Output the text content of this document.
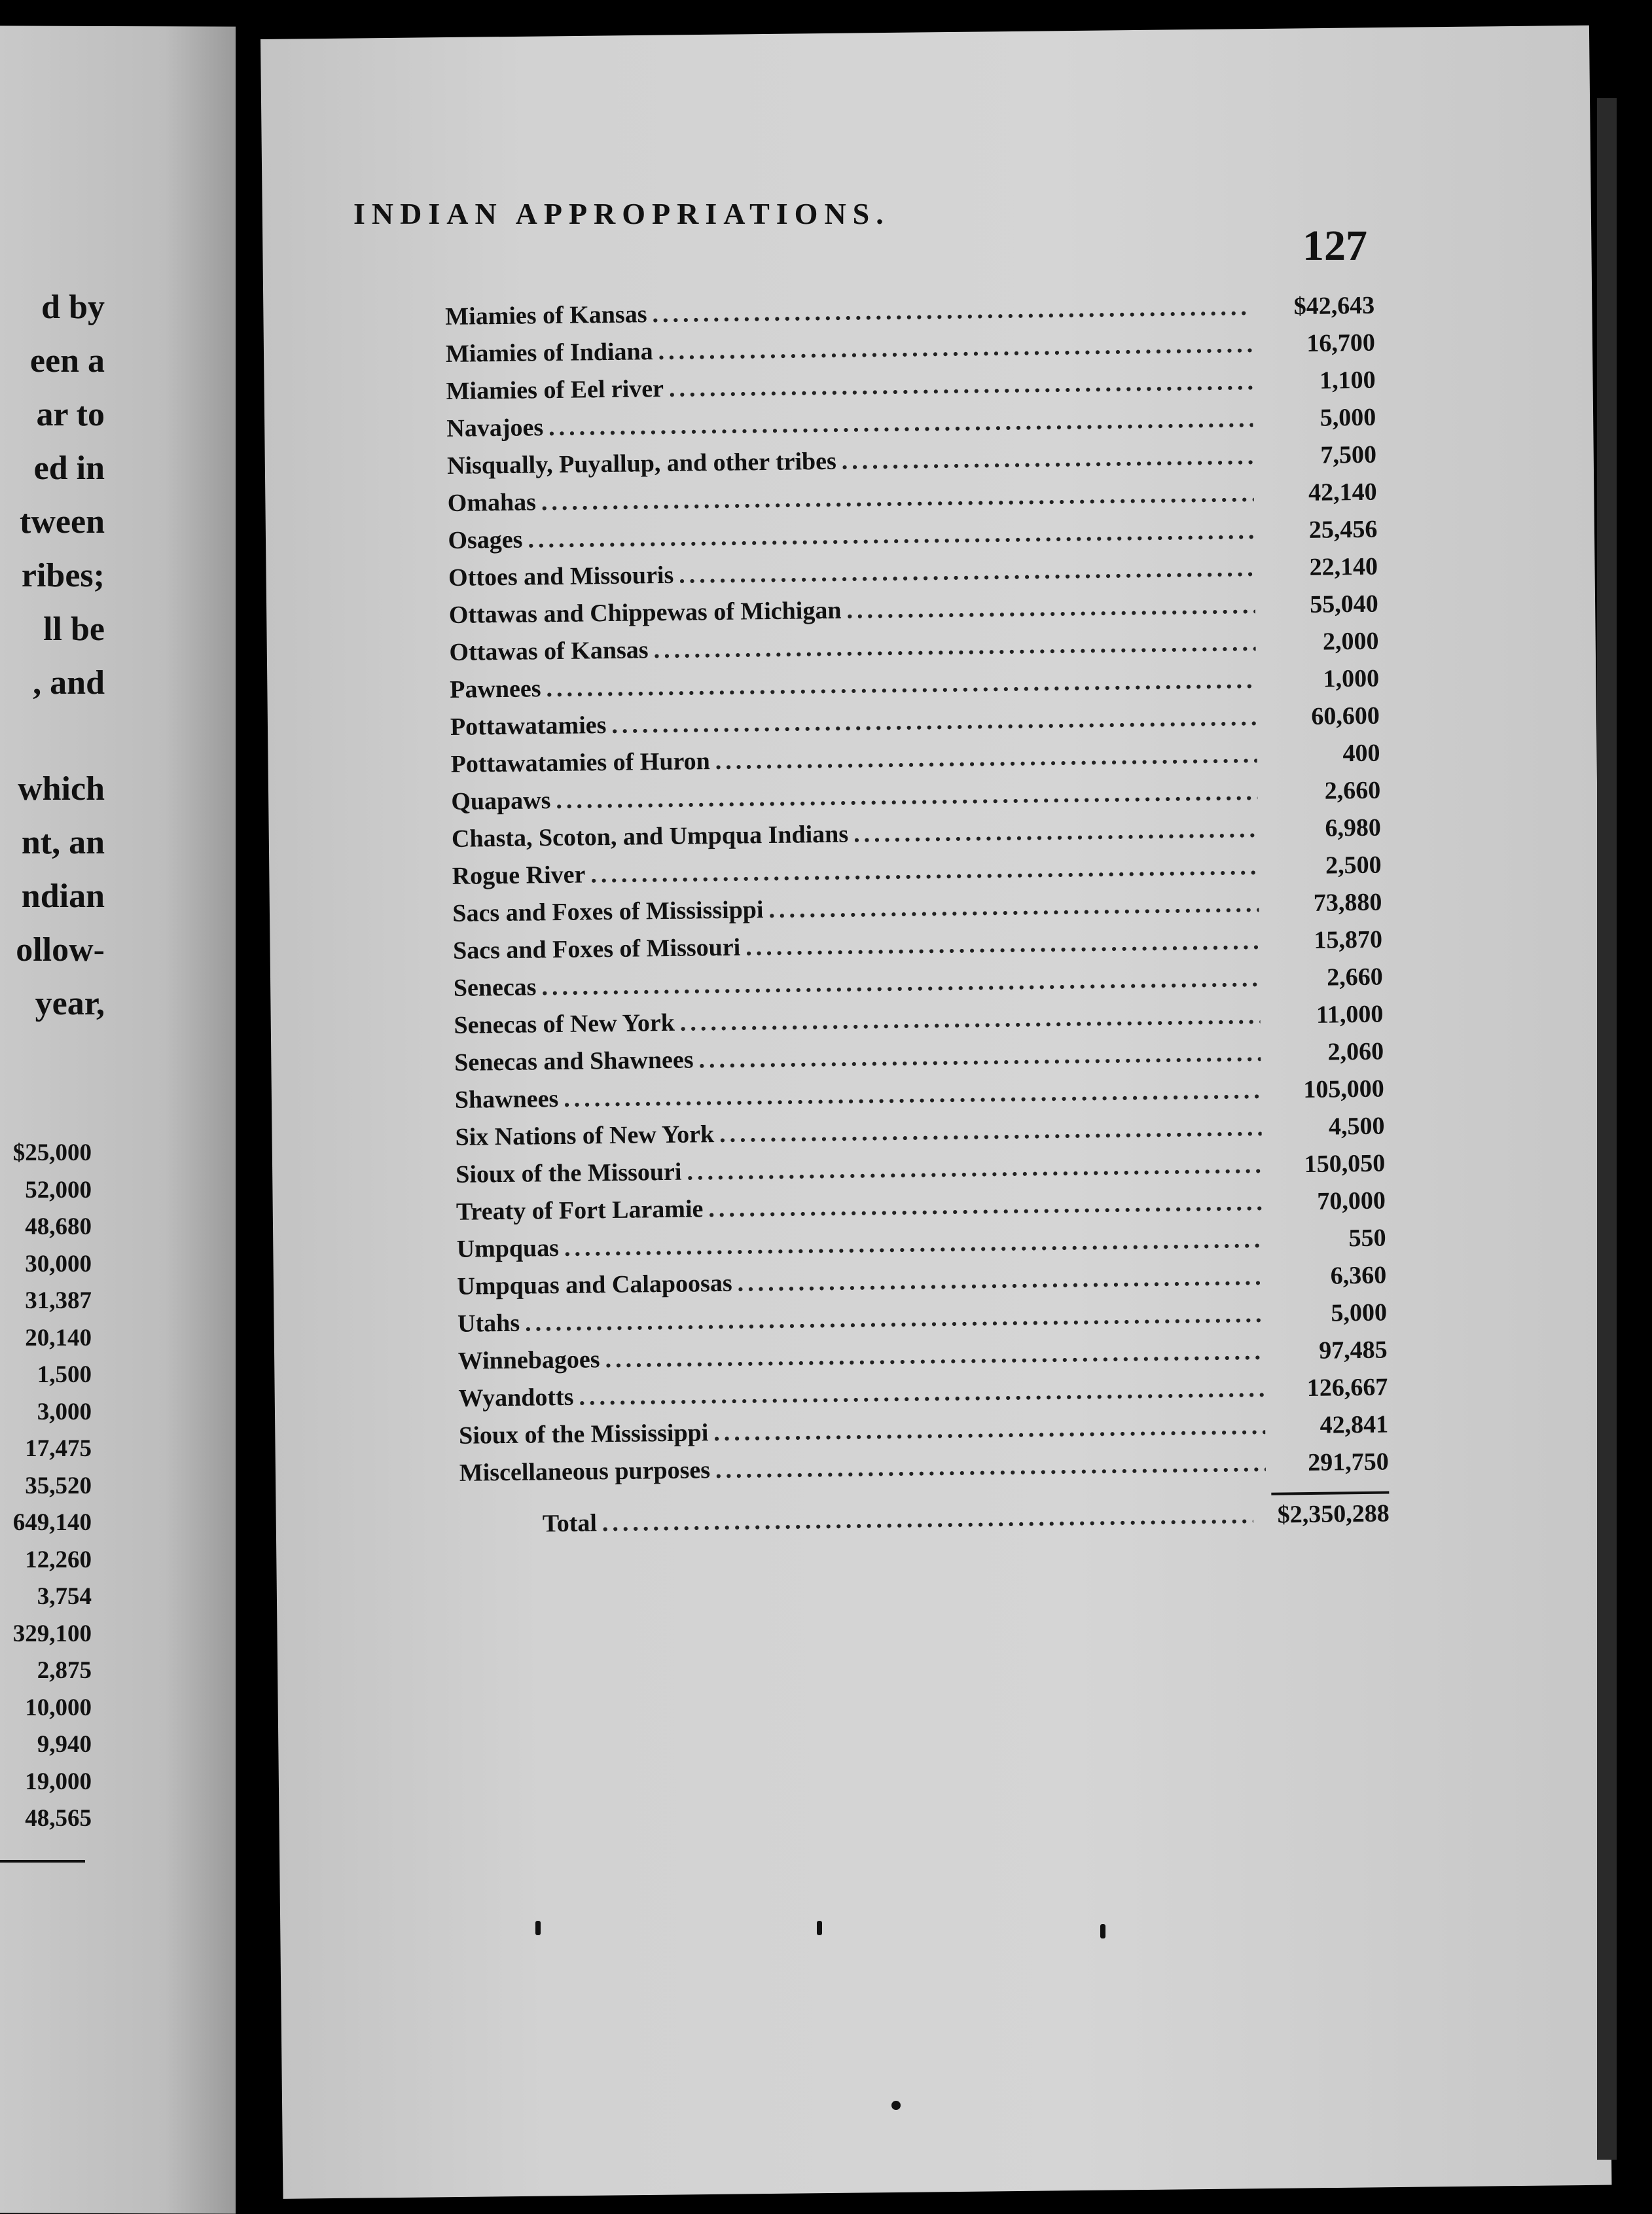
d by
een a
ar to
ed in
tween
ribes;
ll be
, and
which
nt, an
ndian
ollow-
year,
$25,000
52,000
48,680
30,000
31,387
20,140
1,500
3,000
17,475
35,520
649,140
12,260
3,754
329,100
2,875
10,000
9,940
19,000
48,565
INDIAN APPROPRIATIONS.
127
Miamies of Kansas .....	$42,643
Miamies of Indiana .....	16,700
Miamies of Eel river .....	1,100
Navajoes .....	5,000
Nisqually, Puyallup, and other tribes .....	7,500
Omahas .....	42,140
Osages .....	25,456
Ottoes and Missouris .....	22,140
Ottawas and Chippewas of Michigan .....	55,040
Ottawas of Kansas .....	2,000
Pawnees .....	1,000
Pottawatamies .....	60,600
Pottawatamies of Huron .....	400
Quapaws .....	2,660
Chasta, Scoton, and Umpqua Indians .....	6,980
Rogue River .....	2,500
Sacs and Foxes of Mississippi .....	73,880
Sacs and Foxes of Missouri .....	15,870
Senecas .....	2,660
Senecas of New York .....	11,000
Senecas and Shawnees .....	2,060
Shawnees .....	105,000
Six Nations of New York .....	4,500
Sioux of the Missouri .....	150,050
Treaty of Fort Laramie .....	70,000
Umpquas .....	550
Umpquas and Calapoosas .....	6,360
Utahs .....	5,000
Winnebagoes .....	97,485
Wyandotts .....	126,667
Sioux of the Mississippi .....	42,841
Miscellaneous purposes .....	291,750
Total .....	$2,350,288
